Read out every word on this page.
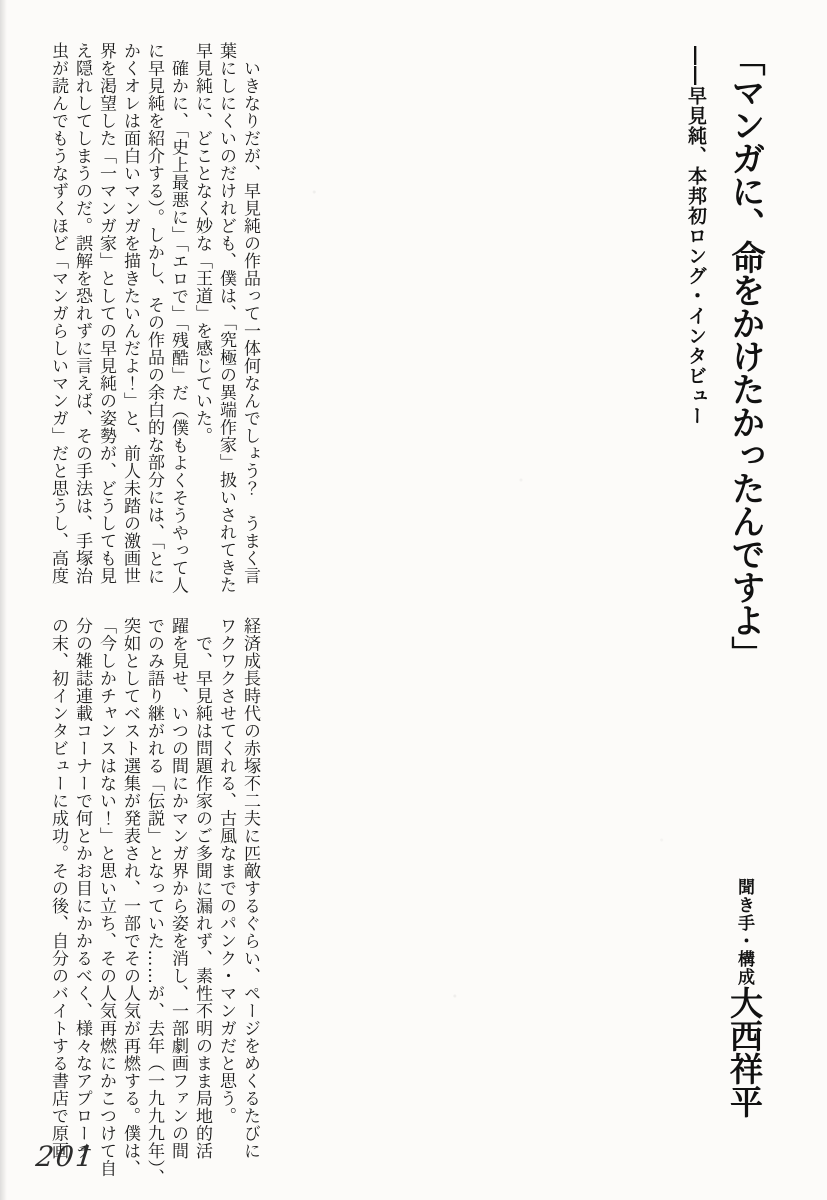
「マンガに、命をかけたかったんですよ」
――早見純、本邦初ロング・インタビュー
聞き手・構成大西祥平
　いきなりだが、早見純の作品って一体何なんでしょう？　うまく言
葉にしにくいのだけれども、僕は、「究極の異端作家」扱いされてきた
早見純に、どことなく妙な「王道」を感じていた。
　確かに、「史上最悪に」「エロで」「残酷」だ（僕もよくそうやって人
に早見純を紹介する）。しかし、その作品の余白的な部分には、「とに
かくオレは面白いマンガを描きたいんだよ！」と、前人未踏の激画世
界を渇望した「一マンガ家」としての早見純の姿勢が、どうしても見
え隠れしてしまうのだ。誤解を恐れずに言えば、その手法は、手塚治
虫が読んでもうなずくほど「マンガらしいマンガ」だと思うし、高度
経済成長時代の赤塚不二夫に匹敵するぐらい、ページをめくるたびに
ワクワクさせてくれる、古風なまでのパンク・マンガだと思う。
　で、早見純は問題作家のご多聞に漏れず、素性不明のまま局地的活
躍を見せ、いつの間にかマンガ界から姿を消し、一部劇画ファンの間
でのみ語り継がれる「伝説」となっていた……が、去年（一九九九年）、
突如としてベスト選集が発表され、一部でその人気が再燃する。僕は、
「今しかチャンスはない！」と思い立ち、その人気再燃にかこつけて自
分の雑誌連載コーナーで何とかお目にかかるべく、様々なアプローチ
の末、初インタビューに成功。その後、自分のバイトする書店で原画
201
